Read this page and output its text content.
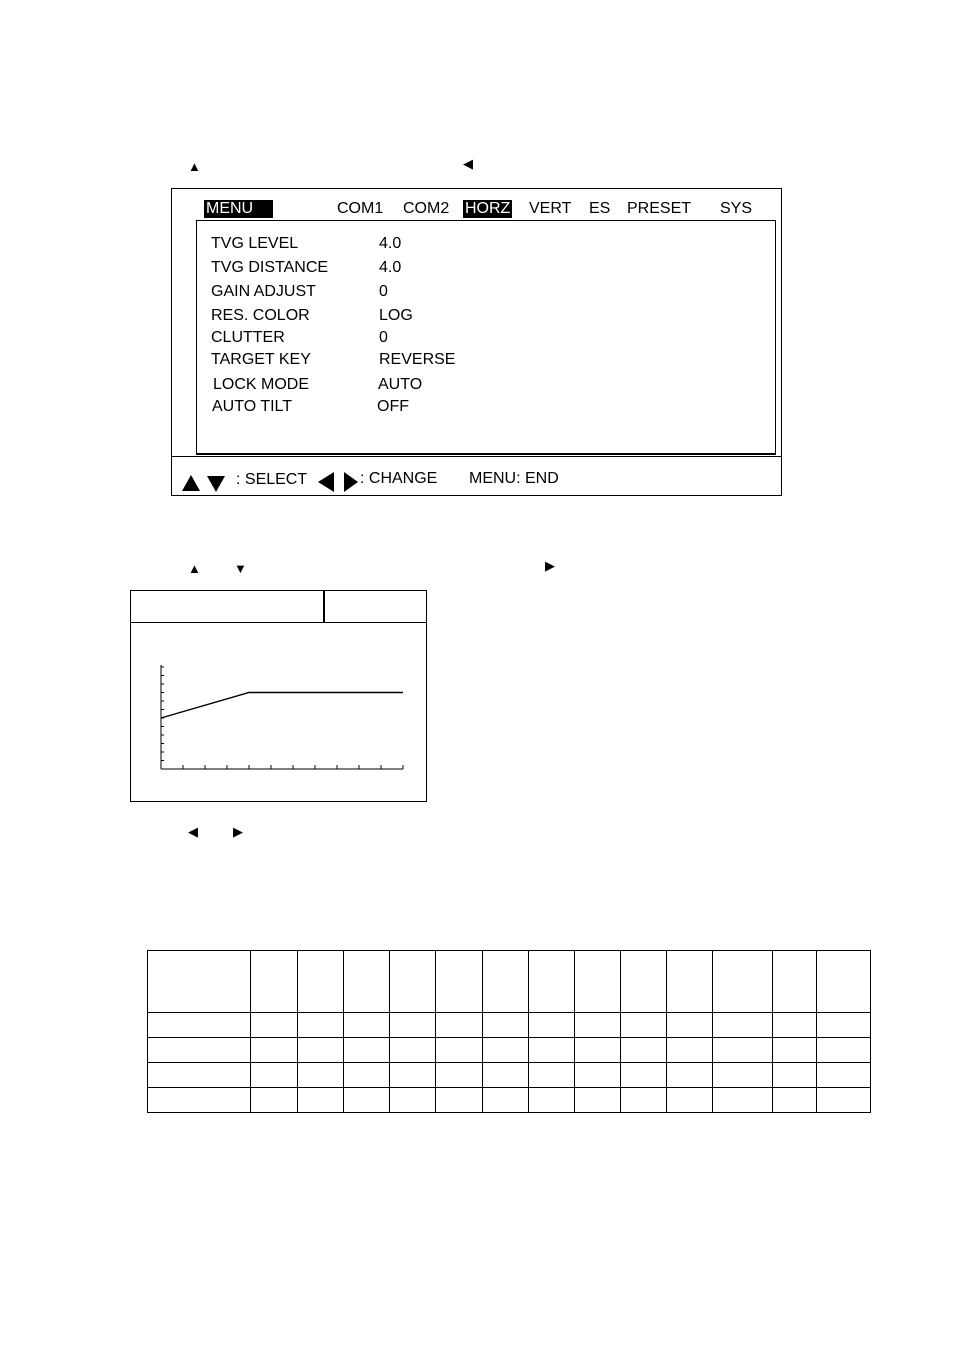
▲	◀
MENU	COM1 COM2 HORZ VERT ES PRESET SYS
TVG LEVEL	4.0
TVG DISTANCE	4.0
GAIN ADJUST	0
RES. COLOR	LOG
CLUTTER	0
TARGET KEY	REVERSE
LOCK MODE	AUTO
AUTO TILT	OFF
: SELECT	: CHANGE MENU: END
▲	▼	▶
◀	▶
